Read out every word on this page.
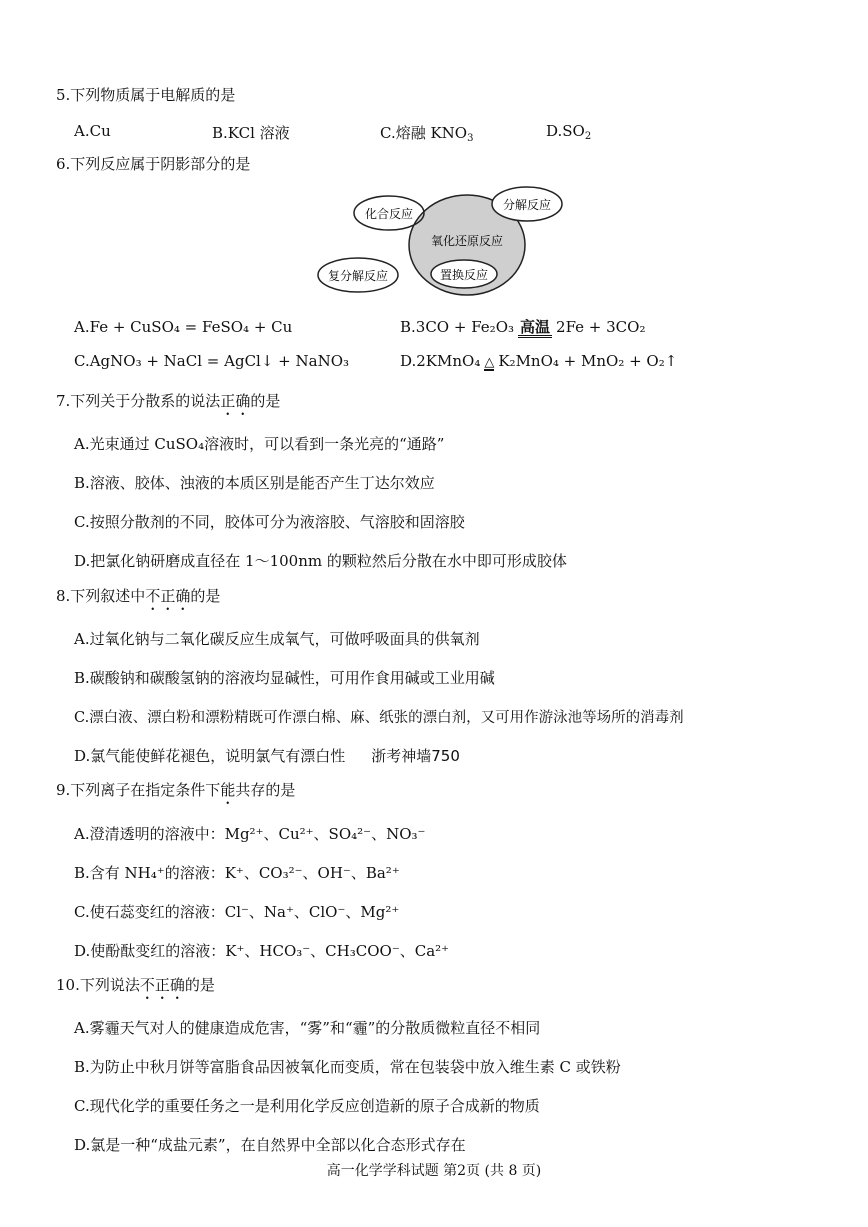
5.下列物质属于电解质的是
A.Cu	B.KCl 溶液	C.熔融 $KNO_3$	$D.SO_2$
6.下列反应属于阴影部分的是
化合反应
分解反应
氧化还原反应
复分解反应	置换反应
A.Fe + CuSO₄ = FeSO₄ + Cu	B.3CO + Fe₂O₃ 高温 2Fe + 3CO₂
C.AgNO₃ + NaCl = AgCl↓ + NaNO₃	D.2KMnO₄ △ K₂MnO₄ + MnO₂ + O₂↑
7.下列关于分散系的说法正确的是
A.光束通过 CuSO₄溶液时，可以看到一条光亮的“通路”
B.溶液、胶体、浊液的本质区别是能否产生丁达尔效应
C.按照分散剂的不同，胶体可分为液溶胶、气溶胶和固溶胶
D.把氯化钠研磨成直径在 1～100nm 的颗粒然后分散在水中即可形成胶体
8.下列叙述中不正确的是
A.过氧化钠与二氧化碳反应生成氧气，可做呼吸面具的供氧剂
B.碳酸钠和碳酸氢钠的溶液均显碱性，可用作食用碱或工业用碱
C.漂白液、漂白粉和漂粉精既可作漂白棉、麻、纸张的漂白剂，又可用作游泳池等场所的消毒剂
D.氯气能使鲜花褪色，说明氯气有漂白性 浙考神墙750
9.下列离子在指定条件下能共存的是
A.澄清透明的溶液中：Mg²⁺、Cu²⁺、SO₄²⁻、NO₃⁻
B.含有 NH₄⁺的溶液：K⁺、CO₃²⁻、OH⁻、Ba²⁺
C.使石蕊变红的溶液：Cl⁻、Na⁺、ClO⁻、Mg²⁺
D.使酚酞变红的溶液：K⁺、HCO₃⁻、CH₃COO⁻、Ca²⁺
10.下列说法不正确的是
A.雾霾天气对人的健康造成危害，“雾”和“霾”的分散质微粒直径不相同
B.为防止中秋月饼等富脂食品因被氧化而变质，常在包装袋中放入维生素 C 或铁粉
C.现代化学的重要任务之一是利用化学反应创造新的原子合成新的物质
D.氯是一种“成盐元素”，在自然界中全部以化合态形式存在
高一化学学科试题 第2页 (共 8 页)
